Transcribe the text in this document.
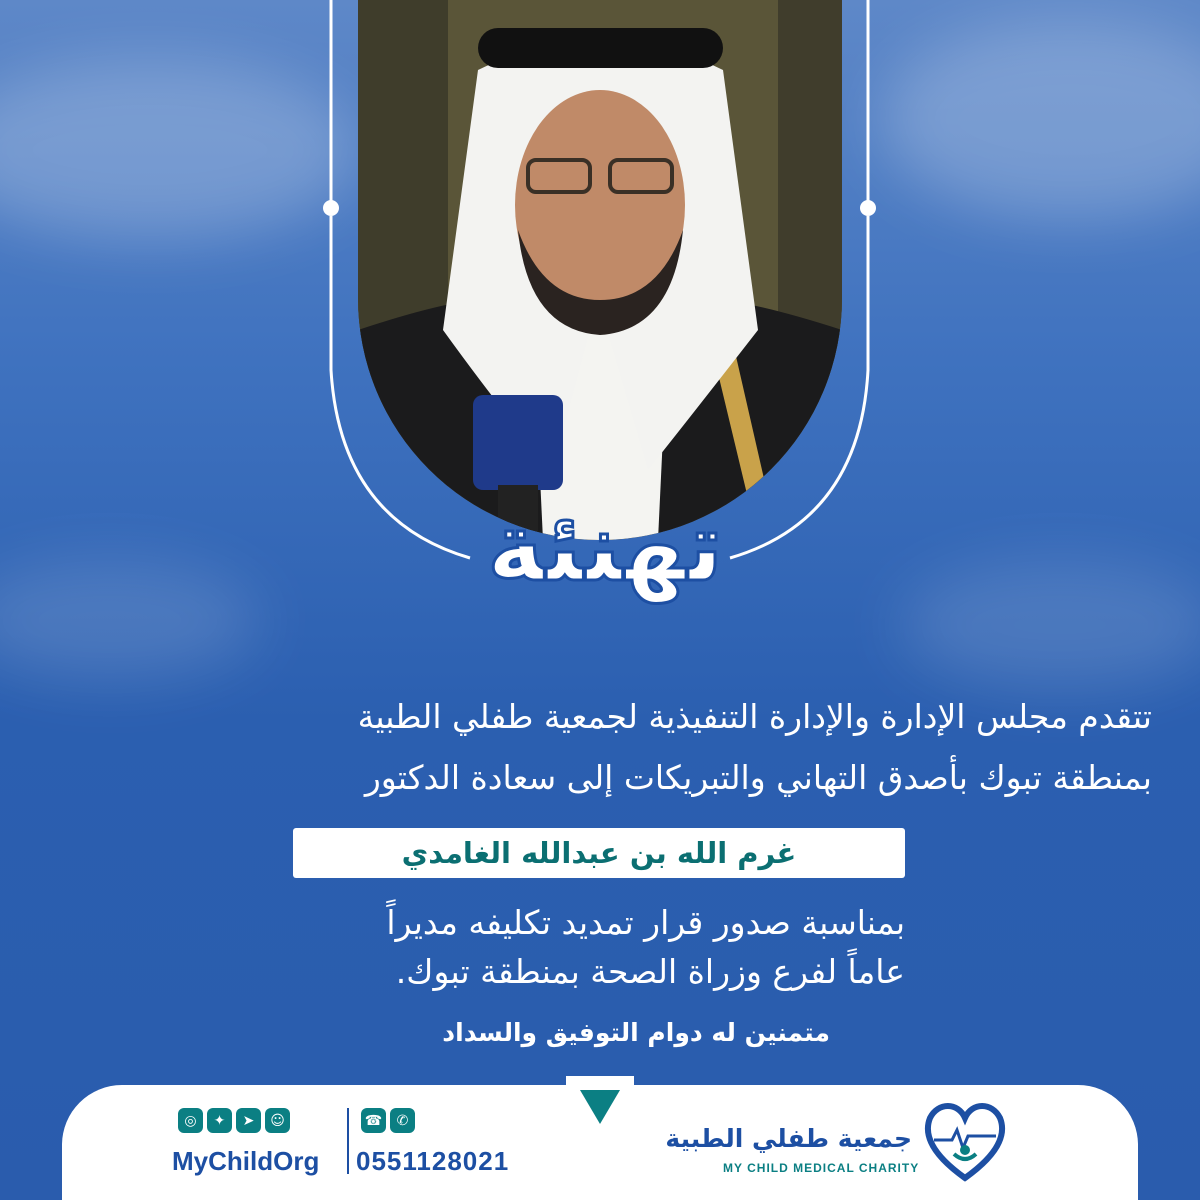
تهنئة
تتقدم مجلس الإدارة والإدارة التنفيذية لجمعية طفلي الطبية
بمنطقة تبوك بأصدق التهاني والتبريكات إلى سعادة الدكتور
غرم الله بن عبدالله الغامدي
بمناسبة صدور قرار تمديد تكليفه مديراً
عاماً لفرع وزراة الصحة بمنطقة تبوك.
متمنين له دوام التوفيق والسداد
◎	✦	➤	☺
MyChildOrg
☎	✆
0551128021
جمعية طفلي الطبية
MY CHILD MEDICAL CHARITY
